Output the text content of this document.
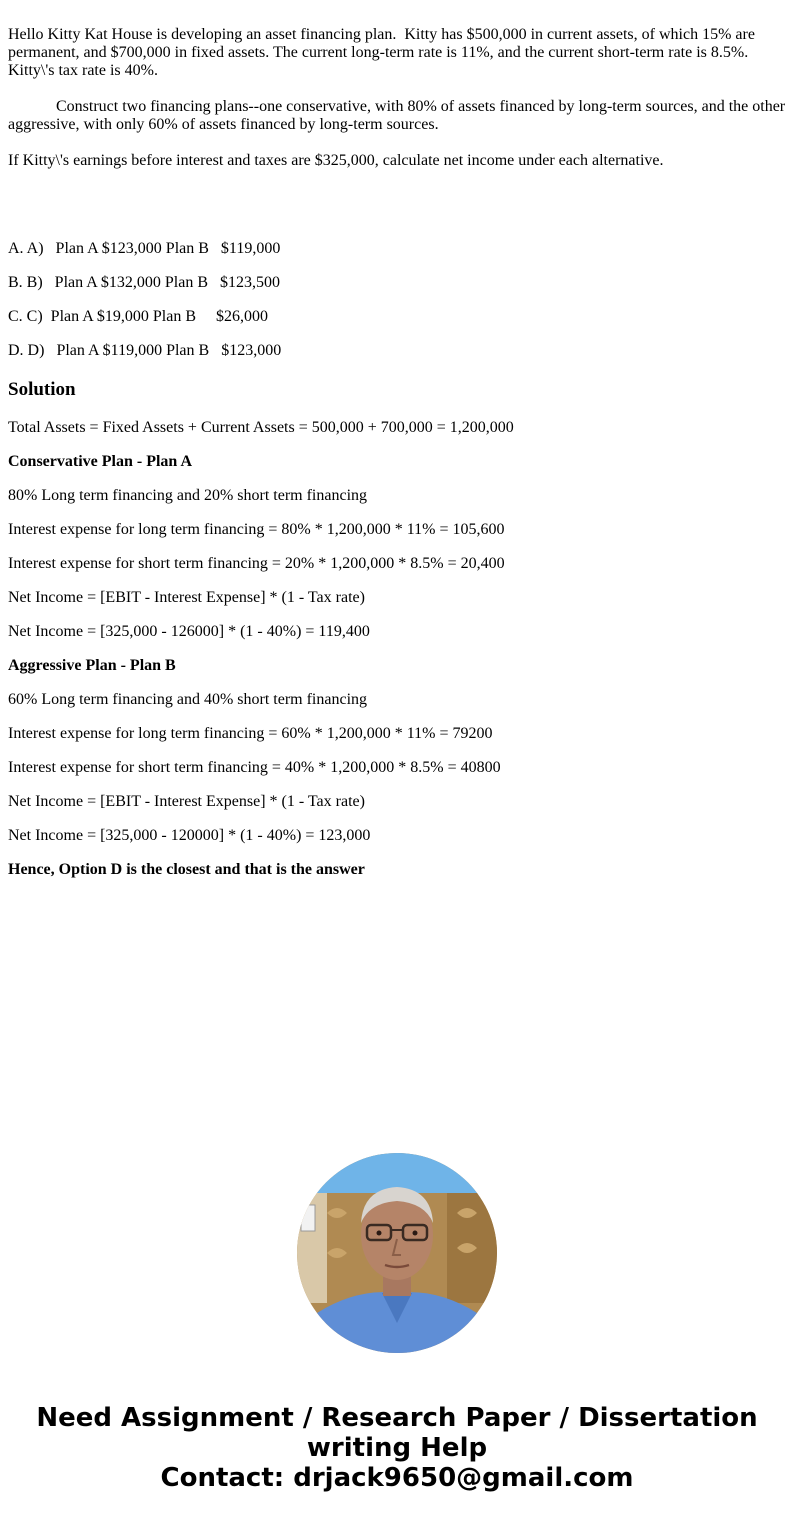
Hello Kitty Kat House is developing an asset financing plan.  Kitty has $500,000 in current assets, of which 15% are permanent, and $700,000 in fixed assets. The current long-term rate is 11%, and the current short-term rate is 8.5%. Kitty\'s tax rate is 40%.

Construct two financing plans--one conservative, with 80% of assets financed by long-term sources, and the other aggressive, with only 60% of assets financed by long-term sources.

If Kitty\'s earnings before interest and taxes are $325,000, calculate net income under each alternative.

A. A)   Plan A $123,000 Plan B   $119,000

B. B)   Plan A $132,000 Plan B   $123,500

C. C)  Plan A $19,000 Plan B     $26,000

D. D)   Plan A $119,000 Plan B   $123,000

Solution

Total Assets = Fixed Assets + Current Assets = 500,000 + 700,000 = 1,200,000

Conservative Plan - Plan A

80% Long term financing and 20% short term financing

Interest expense for long term financing = 80% * 1,200,000 * 11% = 105,600

Interest expense for short term financing = 20% * 1,200,000 * 8.5% = 20,400

Net Income = [EBIT - Interest Expense] * (1 - Tax rate)

Net Income = [325,000 - 126000] * (1 - 40%) = 119,400

Aggressive Plan - Plan B

60% Long term financing and 40% short term financing

Interest expense for long term financing = 60% * 1,200,000 * 11% = 79200

Interest expense for short term financing = 40% * 1,200,000 * 8.5% = 40800

Net Income = [EBIT - Interest Expense] * (1 - Tax rate)

Net Income = [325,000 - 120000] * (1 - 40%) = 123,000

Hence, Option D is the closest and that is the answer

Need Assignment / Research Paper / Dissertation

writing Help

Contact: drjack9650@gmail.com
